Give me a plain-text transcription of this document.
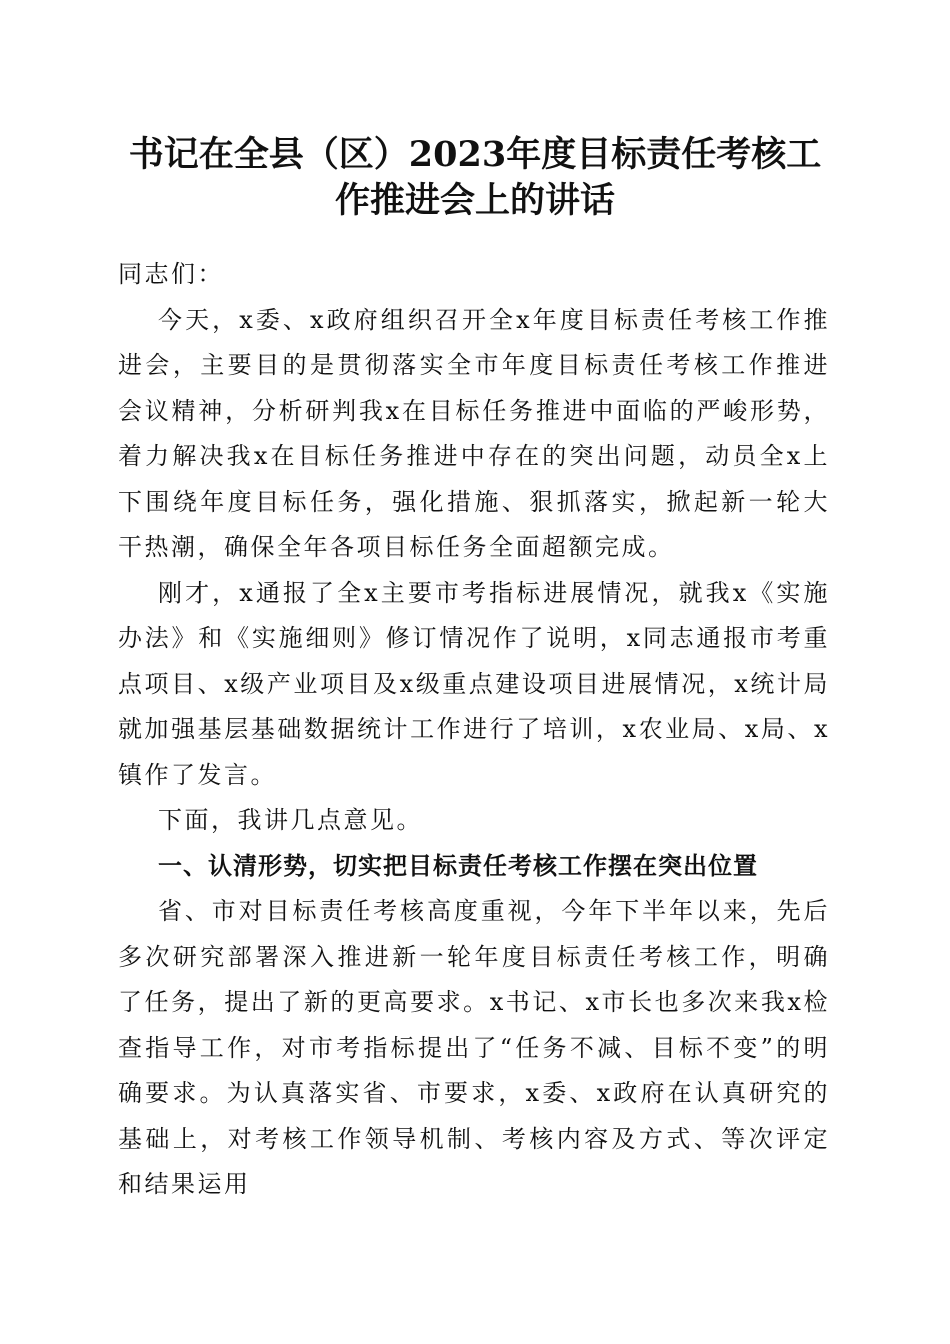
书记在全县（区）2023年度目标责任考核工
作推进会上的讲话

同志们：

今天，x委、x政府组织召开全x年度目标责任考核工作推进会，主要目的是贯彻落实全市年度目标责任考核工作推进会议精神，分析研判我x在目标任务推进中面临的严峻形势，着力解决我x在目标任务推进中存在的突出问题，动员全x上下围绕年度目标任务，强化措施、狠抓落实，掀起新一轮大干热潮，确保全年各项目标任务全面超额完成。

刚才，x通报了全x主要市考指标进展情况，就我x《实施办法》和《实施细则》修订情况作了说明，x同志通报市考重点项目、x级产业项目及x级重点建设项目进展情况，x统计局就加强基层基础数据统计工作进行了培训，x农业局、x局、x镇作了发言。

下面，我讲几点意见。

一、认清形势，切实把目标责任考核工作摆在突出位置

省、市对目标责任考核高度重视，今年下半年以来，先后多次研究部署深入推进新一轮年度目标责任考核工作，明确了任务，提出了新的更高要求。x书记、x市长也多次来我x检查指导工作，对市考指标提出了“任务不减、目标不变”的明确要求。为认真落实省、市要求，x委、x政府在认真研究的基础上，对考核工作领导机制、考核内容及方式、等次评定和结果运用
